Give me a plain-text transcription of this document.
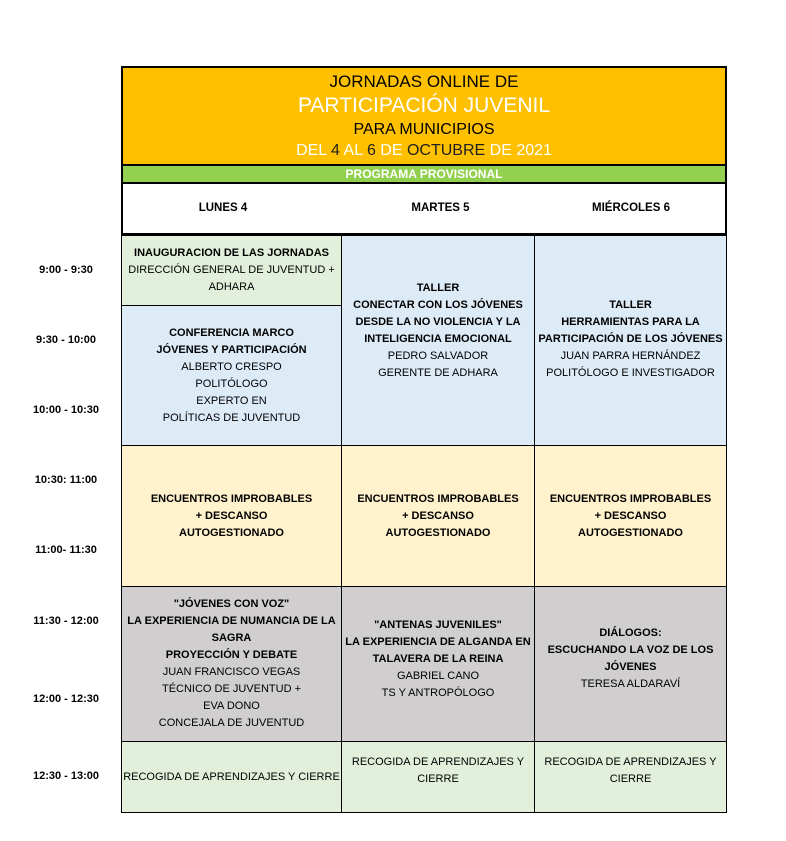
JORNADAS ONLINE DE
PARTICIPACIÓN JUVENIL
PARA MUNICIPIOS
DEL 4 AL 6 DE OCTUBRE DE 2021
PROGRAMA PROVISIONAL
LUNES 4	MARTES 5	MIÉRCOLES 6
9:00 - 9:30
9:30 - 10:00
10:00 - 10:30
10:30: 11:00
11:00- 11:30
11:30 - 12:00
12:00 - 12:30
12:30 - 13:00
INAUGURACION DE LAS JORNADAS
DIRECCIÓN GENERAL DE JUVENTUD +
ADHARA
CONFERENCIA MARCO
JÓVENES Y PARTICIPACIÓN
ALBERTO CRESPO
POLITÓLOGO
EXPERTO EN
POLÍTICAS DE JUVENTUD
ENCUENTROS IMPROBABLES
+ DESCANSO
AUTOGESTIONADO
"JÓVENES CON VOZ"
LA EXPERIENCIA DE NUMANCIA DE LA
SAGRA
PROYECCIÓN Y DEBATE
JUAN FRANCISCO VEGAS
TÉCNICO DE JUVENTUD +
EVA DONO
CONCEJALA DE JUVENTUD
RECOGIDA DE APRENDIZAJES Y CIERRE
TALLER
CONECTAR CON LOS JÓVENES
DESDE LA NO VIOLENCIA Y LA
INTELIGENCIA EMOCIONAL
PEDRO SALVADOR
GERENTE DE ADHARA
ENCUENTROS IMPROBABLES
+ DESCANSO
AUTOGESTIONADO
"ANTENAS JUVENILES"
LA EXPERIENCIA DE ALGANDA EN
TALAVERA DE LA REINA
GABRIEL CANO
TS Y ANTROPÓLOGO
RECOGIDA DE APRENDIZAJES Y
CIERRE
TALLER
HERRAMIENTAS PARA LA
PARTICIPACIÓN DE LOS JÓVENES
JUAN PARRA HERNÁNDEZ
POLITÓLOGO E INVESTIGADOR
ENCUENTROS IMPROBABLES
+ DESCANSO
AUTOGESTIONADO
DIÁLOGOS:
ESCUCHANDO LA VOZ DE LOS
JÓVENES
TERESA ALDARAVÍ
RECOGIDA DE APRENDIZAJES Y
CIERRE
